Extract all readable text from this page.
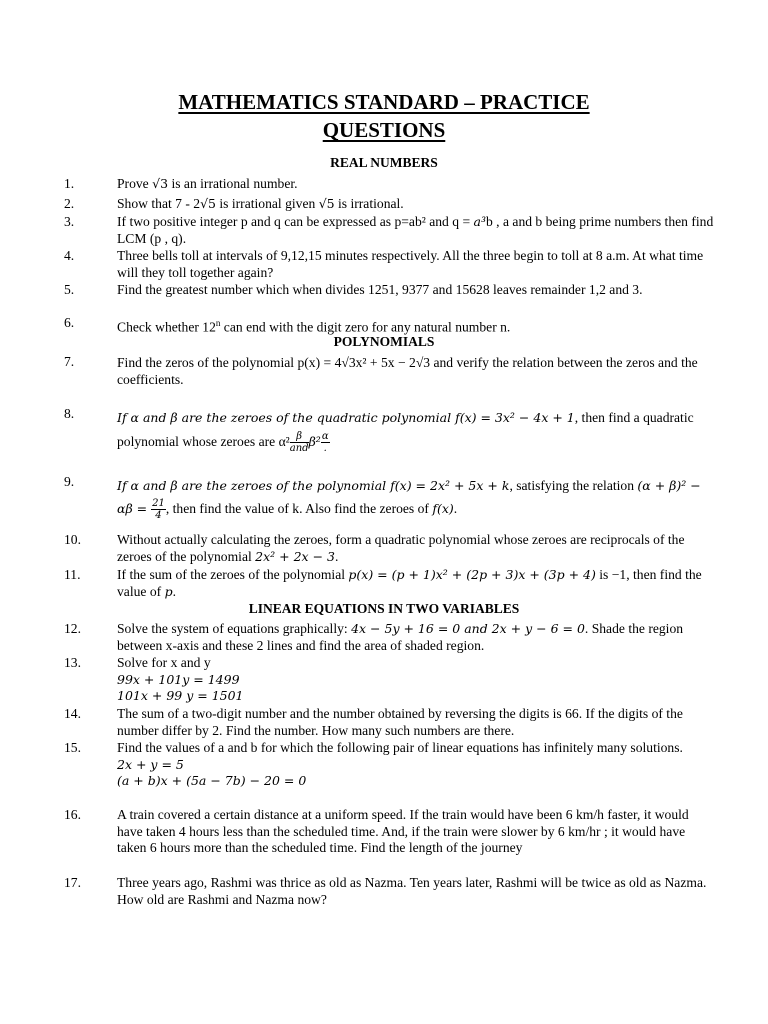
MATHEMATICS STANDARD – PRACTICE
QUESTIONS
REAL NUMBERS
1.	Prove √3 is an irrational number.
2.	Show that 7 - 2√5 is irrational given √5 is irrational.
3.	If two positive integer p and q can be expressed as p=ab² and q = a³b , a and b being prime numbers then find LCM (p , q).
4.	Three bells toll at intervals of 9,12,15 minutes respectively. All the three begin to toll at 8 a.m. At what time will they toll together again?
5.	Find the greatest number which when divides 1251, 9377 and 15628 leaves remainder 1,2 and 3.
6.	Check whether 12$^n$ can end with the digit zero for any natural number n.
POLYNOMIALS
7.	Find the zeros of the polynomial p(x) = 4√3x² + 5x − 2√3 and verify the relation between the zeros and the coefficients.
8.	If α and β are the zeroes of the quadratic polynomial f(x) = 3x² − 4x + 1, then find a quadratic polynomial whose zeroes are $\alpha^2 \frac{\beta}{\text{and}} \beta^2 \frac{\alpha}{.}$
9.	If α and β are the zeroes of the polynomial f(x) = 2x² + 5x + k, satisfying the relation $(\alpha + \beta)^2 - \alpha\beta = \frac{21}{4}$ , then find the value of k. Also find the zeroes of f(x).
10.	Without actually calculating the zeroes, form a quadratic polynomial whose zeroes are reciprocals of the zeroes of the polynomial 2x² + 2x − 3.
11.	If the sum of the zeroes of the polynomial p(x) = (p + 1)x² + (2p + 3)x + (3p + 4) is −1, then find the value of p.
LINEAR EQUATIONS IN TWO VARIABLES
12.	Solve the system of equations graphically: 4x − 5y + 16 = 0 and 2x + y − 6 = 0. Shade the region between x-axis and these 2 lines and find the area of shaded region.
13.	Solve for x and y
99x + 101y = 1499
101x + 99 y = 1501
14.	The sum of a two-digit number and the number obtained by reversing the digits is 66. If the digits of the number differ by 2. Find the number. How many such numbers are there.
15.	Find the values of a and b for which the following pair of linear equations has infinitely many solutions.
2x + y = 5
(a + b)x + (5a − 7b) − 20 = 0
16.	A train covered a certain distance at a uniform speed. If the train would have been 6 km/h faster, it would have taken 4 hours less than the scheduled time. And, if the train were slower by 6 km/hr ; it would have taken 6 hours more than the scheduled time. Find the length of the journey
17.	Three years ago, Rashmi was thrice as old as Nazma. Ten years later, Rashmi will be twice as old as Nazma. How old are Rashmi and Nazma now?
